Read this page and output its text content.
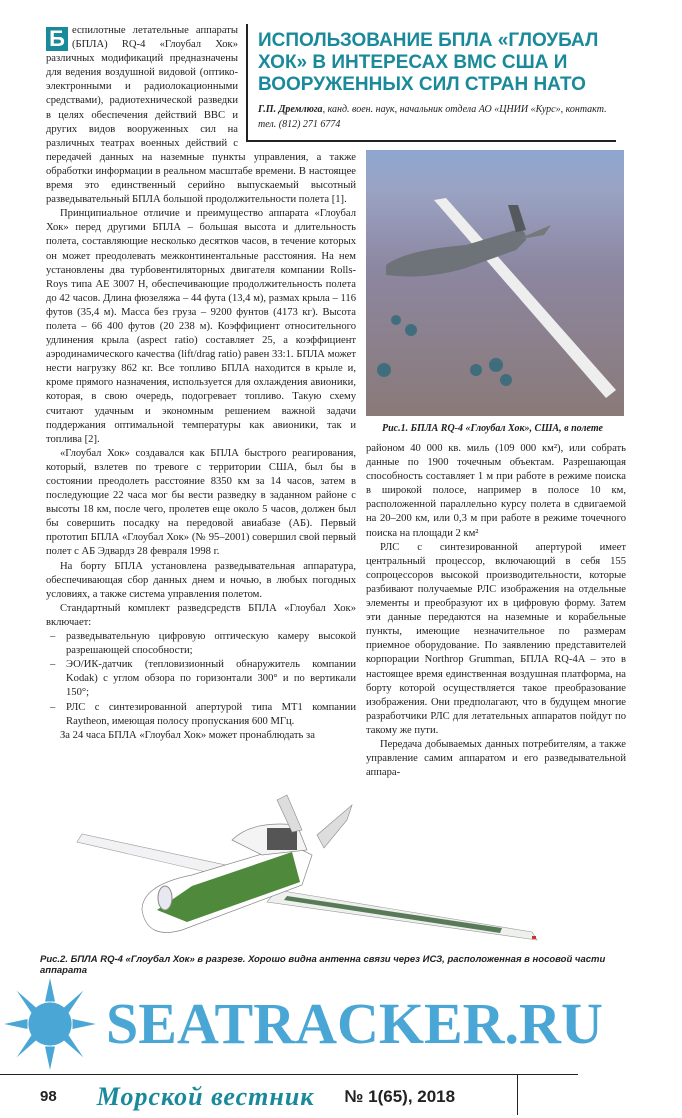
Б еспилотные летательные аппараты (БПЛА) RQ-4 «Глоубал Хок» различных модификаций предназначены для ведения воздушной видовой (оптико-электронными и радиолокационными средствами), радиотехнической разведки в целях обеспечения действий ВВС и других видов вооруженных сил на различных театрах военных действий с передачей данных на наземные пункты управления, а также обработки информации в реальном масштабе времени. В настоящее время это единственный серийно выпускаемый высотный разведывательный БПЛА большой продолжительности полета [1].

Принципиальное отличие и преимущество аппарата «Глоубал Хок» перед другими БПЛА – большая высота и длительность полета, составляющие несколько десятков часов, в течение которых он может преодолевать межконтинентальные расстояния. На нем установлены два турбовентиляторных двигателя компании Rolls-Roys типа AE 3007 H, обеспечивающие продолжительность полета до 42 часов. Длина фюзеляжа – 44 фута (13,4 м), размах крыла – 116 футов (35,4 м). Масса без груза – 9200 фунтов (4173 кг). Высота полета – 66 400 футов (20 238 м). Коэффициент относительного удлинения крыла (aspect ratio) составляет 25, а коэффициент аэродинамического качества (lift/drag ratio) равен 33:1. БПЛА может нести нагрузку 862 кг. Все топливо БПЛА находится в крыле и, кроме прямого назначения, используется для охлаждения авионики, которая, в свою очередь, подогревает топливо. Такую схему считают удачным и экономным решением важной задачи поддержания оптимальной температуры как авионики, так и топлива [2].

«Глоубал Хок» создавался как БПЛА быстрого реагирования, который, взлетев по тревоге с территории США, был бы в состоянии преодолеть расстояние 8350 км за 14 часов, затем в последующие 22 часа мог бы вести разведку в заданном районе с высоты 18 км, после чего, пролетев еще около 5 часов, должен был бы совершить посадку на передовой авиабазе (АБ). Первый прототип БПЛА «Глоубал Хок» (№ 95–2001) совершил свой первый полет с АБ Эдвардз 28 февраля 1998 г.

На борту БПЛА установлена разведывательная аппаратура, обеспечивающая сбор данных днем и ночью, в любых погодных условиях, а также система управления полетом.

Стандартный комплект разведсредств БПЛА «Глоубал Хок» включает:

– разведывательную цифровую оптическую камеру высокой разрешающей способности;
– ЭО/ИК-датчик (тепловизионный обнаружитель компании Kodak) с углом обзора по горизонтали 300° и по вертикали 150°;
– РЛС с синтезированной апертурой типа MT1 компании Raytheon, имеющая полосу пропускания 600 МГц.

За 24 часа БПЛА «Глоубал Хок» может пронаблюдать за

Рис.1. БПЛА RQ-4 «Глоубал Хок», США, в полете

районом 40 000 кв. миль (109 000 км²), или собрать данные по 1900 точечным объектам. Разрешающая способность составляет 1 м при работе в режиме поиска в широкой полосе, например в полосе 10 км, расположенной параллельно курсу полета в сдвигаемой на 20–200 км, или 0,3 м при работе в режиме точечного поиска на площади 2 км²

РЛС с синтезированной апертурой имеет центральный процессор, включающий в себя 155 сопроцессоров высокой производительности, которые разбивают получаемые РЛС изображения на отдельные элементы и преобразуют их в цифровую форму. Затем эти данные передаются на наземные и корабельные пункты, имеющие незначительное по размерам приемное оборудование. По заявлению представителей корпорации Northrop Grumman, БПЛА RQ-4A – это в настоящее время единственная воздушная платформа, на борту которой осуществляется такое преобразование изображения. Они предполагают, что в будущем многие разработчики РЛС для летательных аппаратов пойдут по такому же пути.

Передача добываемых данных потребителям, а также управление самим аппаратом и его разведывательной аппара-

ИСПОЛЬЗОВАНИЕ БПЛА «ГЛОУБАЛ ХОК» В ИНТЕРЕСАХ ВМС США И ВООРУЖЕННЫХ СИЛ СТРАН НАТО
Г.П. Дремлюга, канд. воен. наук, начальник отдела АО «ЦНИИ «Курс», контакт. тел. (812) 271 6774
Рис.2. БПЛА RQ-4 «Глоубал Хок» в разрезе. Хорошо видна антенна связи через ИСЗ, расположенная в носовой части аппарата
SEATRACKER.RU
98 Морской вестник № 1(65), 2018
